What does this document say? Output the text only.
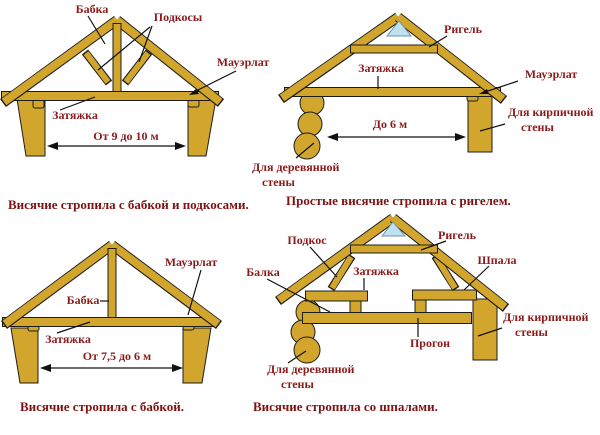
Бабка
Подкосы
Мауэрлат
Затяжка
От 9 до 10 м
Висячие стропила с бабкой и подкосами.
Ригель
Затяжка	Мауэрлат
Для кирпичной
стены
До 6 м
Для деревянной
стены
Простые висячие стропила с ригелем.
Мауэрлат
Бабка
Затяжка
От 7,5 до 6 м
Висячие стропила с бабкой.
Подкос	Ригель
Балка	Затяжка
Шпала
Прогон
Для кирпичной
стены
Для деревянной
стены
Висячие стропила со шпалами.
